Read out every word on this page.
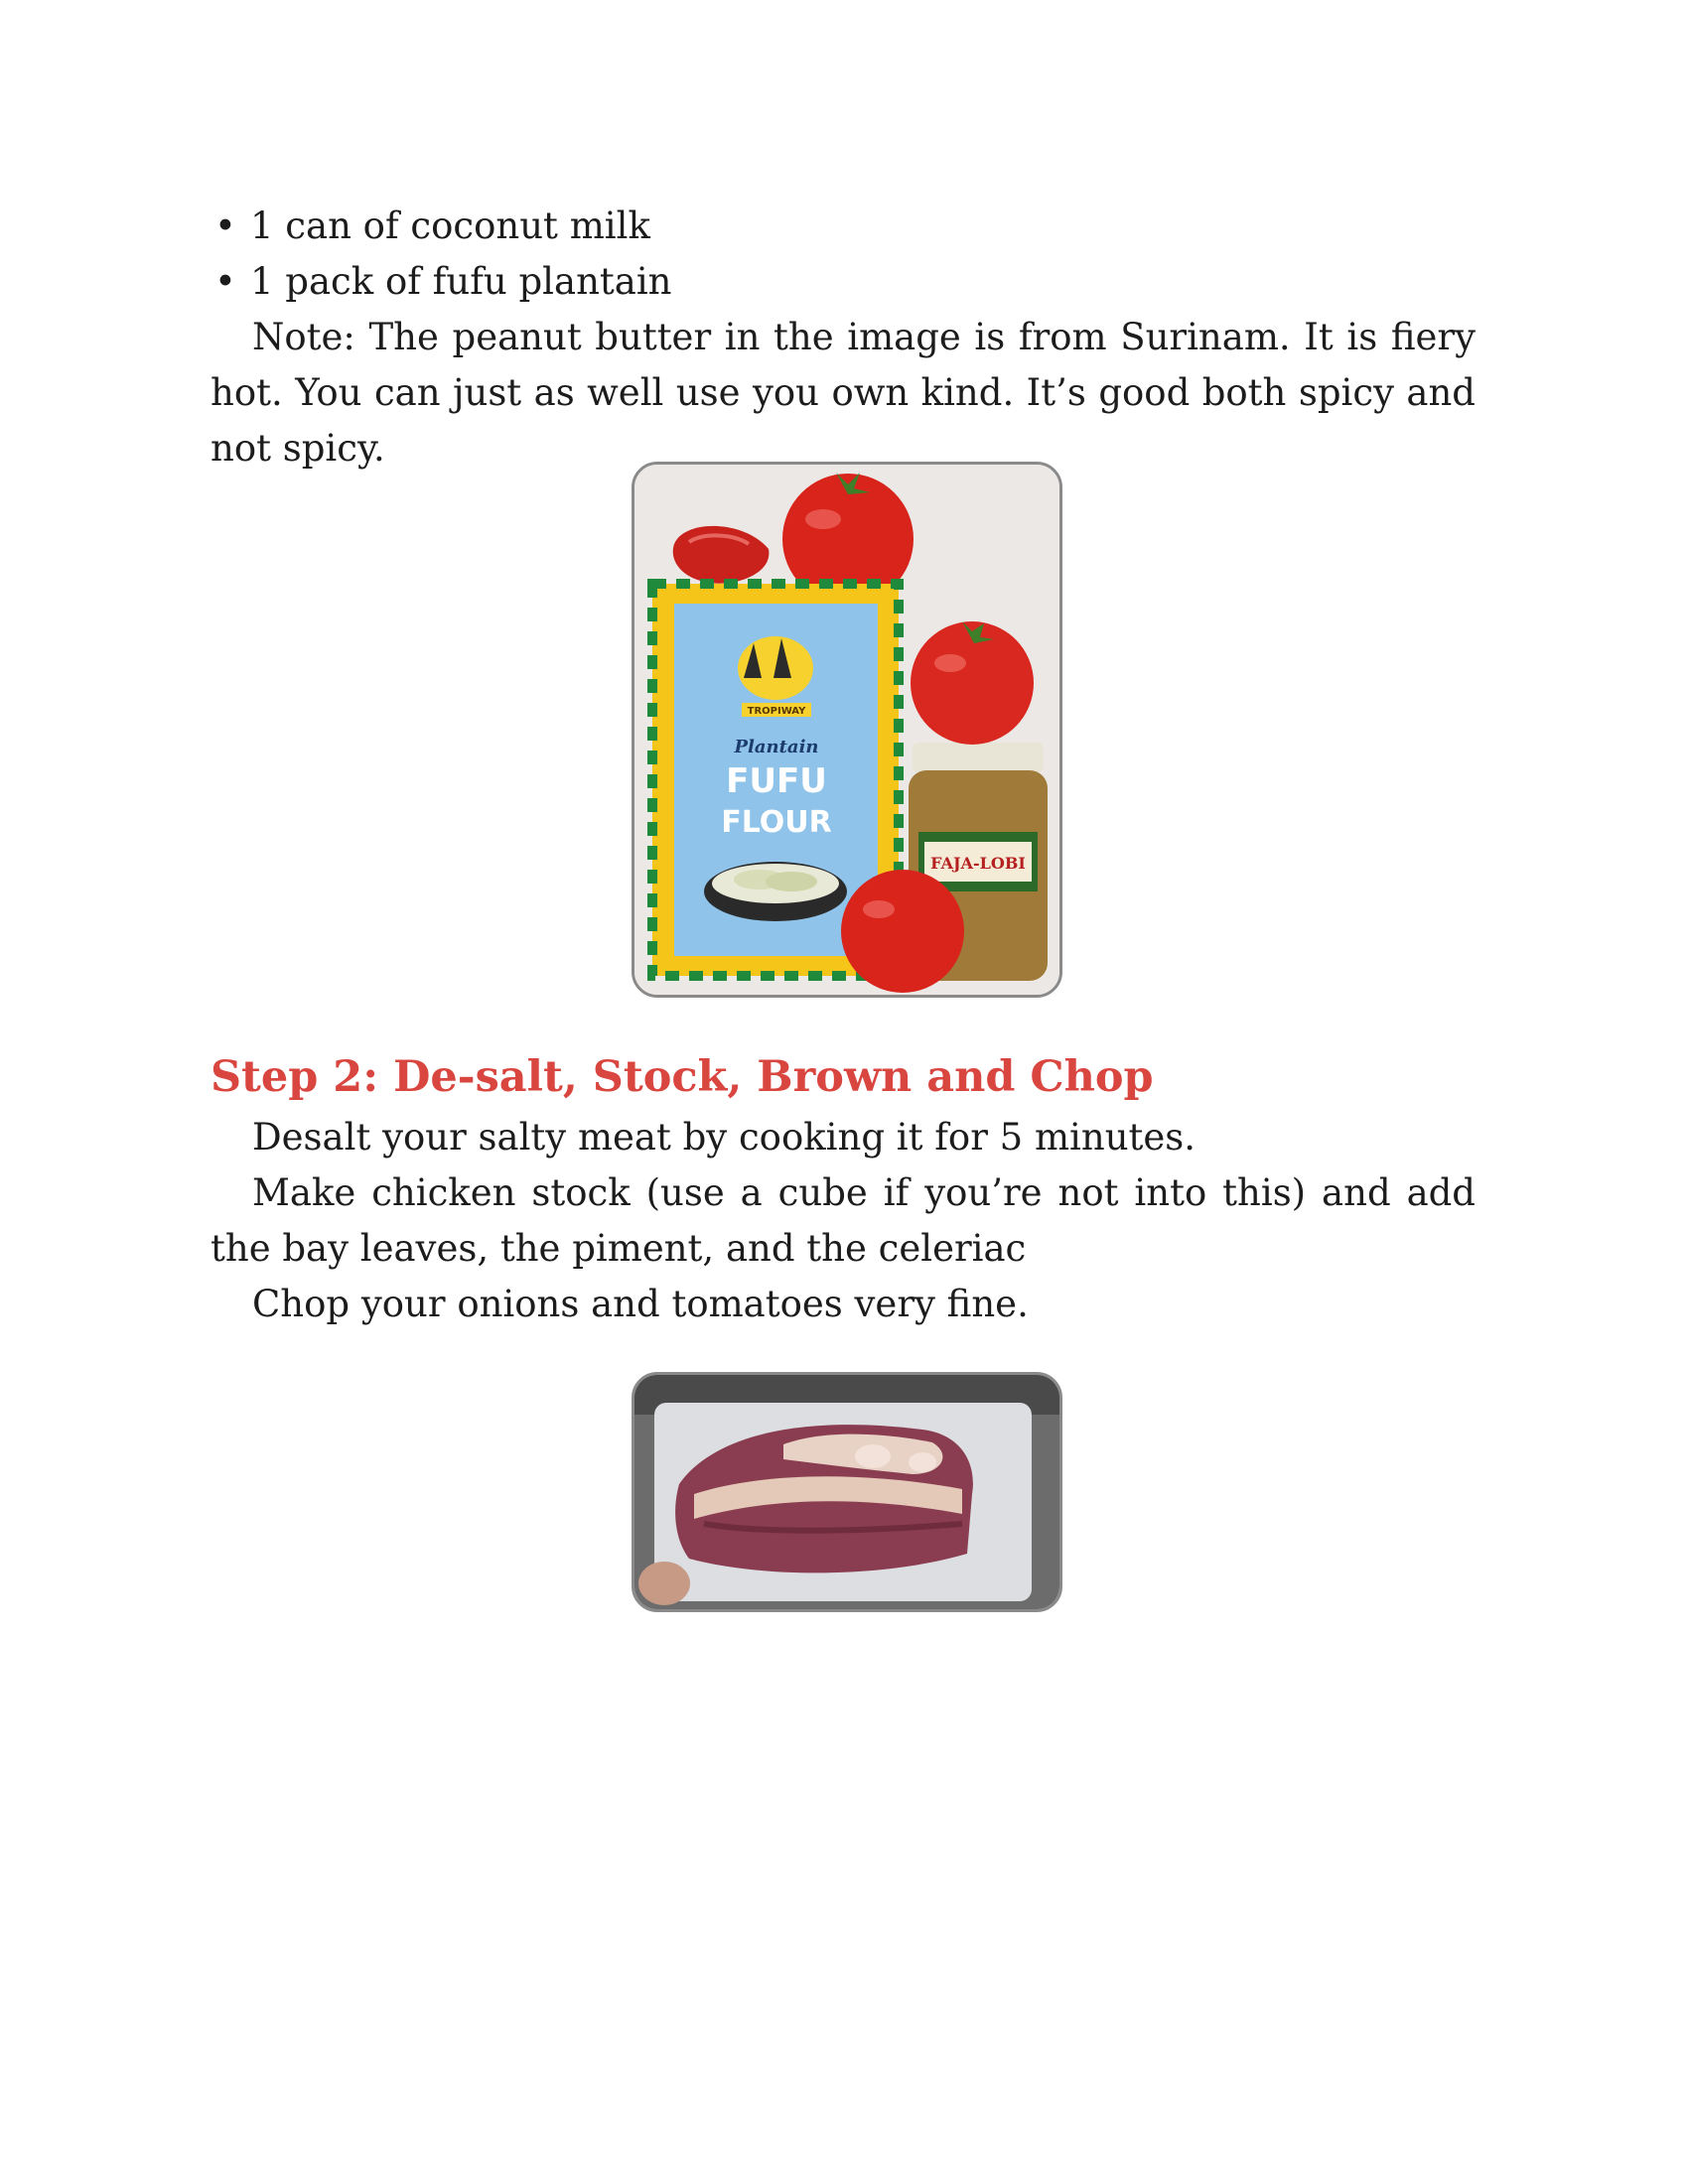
• 1 can of coconut milk
• 1 pack of fufu plantain

Note: The peanut butter in the image is from Surinam. It is fiery hot. You can just as well use you own kind. It’s good both spicy and not spicy.

TROPIWAY
Plantain
FUFU
FLOUR
FAJA-LOBI
Step 2: De-salt, Stock, Brown and Chop

Desalt your salty meat by cooking it for 5 minutes.

Make chicken stock (use a cube if you’re not into this) and add the bay leaves, the piment, and the celeriac

Chop your onions and tomatoes very fine.
